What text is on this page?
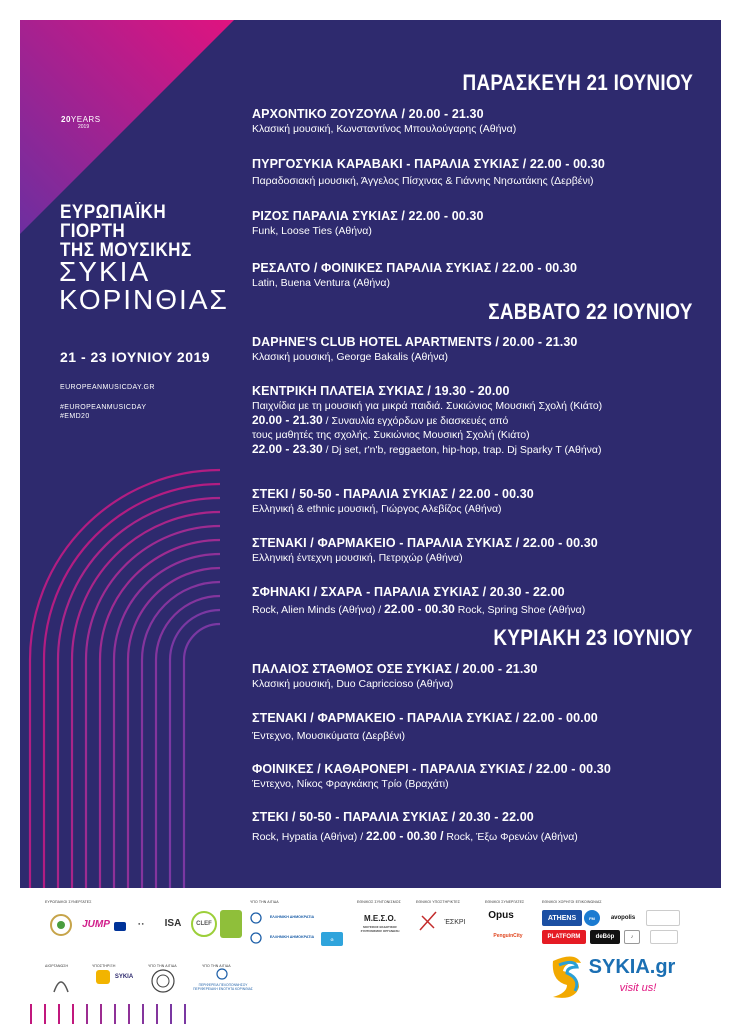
20YEARS
2019
ΕΥΡΩΠΑΪΚΗ
ΓΙΟΡΤΗ
ΤΗΣ ΜΟΥΣΙΚΗΣ
ΣΥΚΙΑ
ΚΟΡΙΝΘΙΑΣ
21 - 23 ΙΟΥΝΙΟΥ 2019
EUROPEANMUSICDAY.GR
#EUROPEANMUSICDAY
#EMD20
ΠΑΡΑΣΚΕΥΗ 21 ΙΟΥΝΙΟΥ
ΑΡΧΟΝΤΙΚΟ ΖΟΥΖΟΥΛΑ / 20.00 - 21.30
Κλασική μουσική, Κωνσταντίνος Μπουλούγαρης (Αθήνα)
ΠΥΡΓΟΣΥΚΙΑ ΚΑΡΑΒΑΚΙ - ΠΑΡΑΛΙΑ ΣΥΚΙΑΣ / 22.00 - 00.30
Παραδοσιακή μουσική, Άγγελος Πίσχινας & Γιάννης Νησωτάκης (Δερβένι)
ΡΙΖΟΣ ΠΑΡΑΛΙΑ ΣΥΚΙΑΣ / 22.00 - 00.30
Funk, Loose Ties (Αθήνα)
ΡΕΣΑΛΤΟ / ΦΟΙΝΙΚΕΣ ΠΑΡΑΛΙΑ ΣΥΚΙΑΣ / 22.00 - 00.30
Latin, Buena Ventura (Αθήνα)
ΣΑΒΒΑΤΟ 22 ΙΟΥΝΙΟΥ
DAPHNE'S CLUB HOTEL APARTMENTS / 20.00 - 21.30
Κλασική μουσική, George Bakalis (Αθήνα)
ΚΕΝΤΡΙΚΗ ΠΛΑΤΕΙΑ ΣΥΚΙΑΣ / 19.30 - 20.00
Παιχνίδια με τη μουσική για μικρά παιδιά. Συκιώνιος Μουσική Σχολή (Κιάτο)
20.00 - 21.30 / Συναυλία εγχόρδων με διασκευές από
τους μαθητές της σχολής. Συκιώνιος Μουσική Σχολή (Κιάτο)
22.00 - 23.30 / Dj set, r'n'b, reggaeton, hip-hop, trap. Dj Sparky T (Αθήνα)
ΣΤΕΚΙ / 50-50 - ΠΑΡΑΛΙΑ ΣΥΚΙΑΣ / 22.00 - 00.30
Ελληνική & ethnic μουσική, Γιώργος Αλεβίζος (Αθήνα)
ΣΤΕΝΑΚΙ / ΦΑΡΜΑΚΕΙΟ - ΠΑΡΑΛΙΑ ΣΥΚΙΑΣ / 22.00 - 00.30
Ελληνική έντεχνη μουσική, Πετριχώρ (Αθήνα)
ΣΦΗΝΑΚΙ / ΣΧΑΡΑ - ΠΑΡΑΛΙΑ ΣΥΚΙΑΣ / 20.30 - 22.00
Rock, Alien Minds (Αθήνα) / 22.00 - 00.30 Rock, Spring Shoe (Αθήνα)
ΚΥΡΙΑΚΗ 23 ΙΟΥΝΙΟΥ
ΠΑΛΑΙΟΣ ΣΤΑΘΜΟΣ ΟΣΕ ΣΥΚΙΑΣ / 20.00 - 21.30
Κλασική μουσική, Duo Capriccioso (Αθήνα)
ΣΤΕΝΑΚΙ / ΦΑΡΜΑΚΕΙΟ - ΠΑΡΑΛΙΑ ΣΥΚΙΑΣ / 22.00 - 00.00
Έντεχνο, Μουσικύματα (Δερβένι)
ΦΟΙΝΙΚΕΣ / ΚΑΘΑΡΟΝΕΡΙ - ΠΑΡΑΛΙΑ ΣΥΚΙΑΣ / 22.00 - 00.30
Έντεχνο, Νίκος Φραγκάκης Τρίο (Βραχάτι)
ΣΤΕΚΙ / 50-50 - ΠΑΡΑΛΙΑ ΣΥΚΙΑΣ / 20.30 - 22.00
Rock, Hypatia (Αθήνα) / 22.00 - 00.30 / Rock, Έξω Φρενών (Αθήνα)
ΕΥΡΩΠΑΙΚΟΙ ΣΥΝΕΡΓΑΤΕΣ	ΥΠΟ ΤΗΝ ΑΙΓΙΔΑ	ΕΘΝΙΚΟΣ ΣΥΝΤΟΝΙΣΜΟΣ	ΕΘΝΙΚΟΙ ΥΠΟΣΤΗΡΙΚΤΕΣ	ΕΘΝΙΚΟΙ ΣΥΝΕΡΓΑΤΕΣ	ΕΘΝΙΚΟΙ ΧΟΡΗΓΟΙ ΕΠΙΚΟΙΝΩΝΙΑΣ
ΔΙΟΡΓΑΝΩΣΗ	ΥΠΟΣΤΗΡΙΞΗ	ΥΠΟ ΤΗΝ ΑΙΓΙΔΑ	ΥΠΟ ΤΗΝ ΑΙΓΙΔΑ
JUMP	● ●	ISA	CLEF
ΕΛΛΗΝΙΚΗ ΔΗΜΟΚΡΑΤΙΑ
ΕΛΛΗΝΙΚΗ ΔΗΜΟΚΡΑΤΙΑ	G
Μ.Ε.Σ.Ο.
ΜΟΥΣΙΚΟΣ ΕΚΔΟΤΙΚΟΣ ΣΥΝΤΟΝΙΣΜΟΣ ΟΡΓΑΝΩΣΗ
ΈΣΚΡΙ
Opus
PenguinCity
ATHENS	FM	avopolis
PLATFORM	deBόp	♪
SYKIA
ΠΕΡΙΦΕΡΕΙΑ ΠΕΛΟΠΟΝΝΗΣΟΥ ΠΕΡΙΦΕΡΕΙΑΚΗ ΕΝΟΤΗΤΑ ΚΟΡΙΝΘΙΑΣ
SYKIA.gr
visit us!
